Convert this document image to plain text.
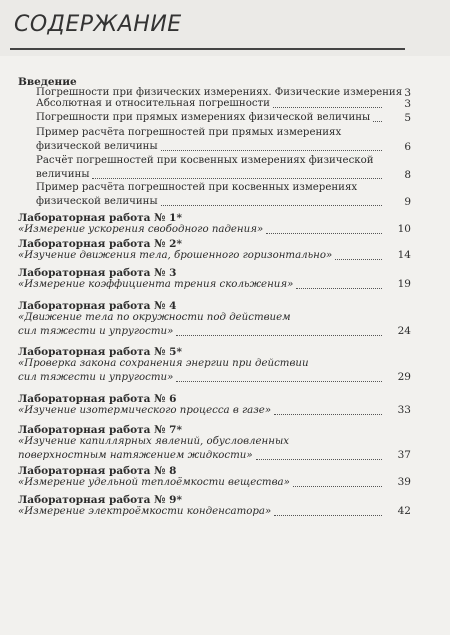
СОДЕРЖАНИЕ
Введение
Погрешности при физических измерениях. Физические измерения 3
Абсолютная и относительная погрешности	3
Погрешности при прямых измерениях физической величины	5
Пример расчёта погрешностей при прямых измерениях
физической величины	6
Расчёт погрешностей при косвенных измерениях физической
величины	8
Пример расчёта погрешностей при косвенных измерениях
физической величины	9
Лабораторная работа № 1*
«Измерение ускорения свободного падения»	10
Лабораторная работа № 2*
«Изучение движения тела, брошенного горизонтально»	14
Лабораторная работа № 3
«Измерение коэффициента трения скольжения»	19
Лабораторная работа № 4
«Движение тела по окружности под действием
сил тяжести и упругости»	24
Лабораторная работа № 5*
«Проверка закона сохранения энергии при действии
сил тяжести и упругости»	29
Лабораторная работа № 6
«Изучение изотермического процесса в газе»	33
Лабораторная работа № 7*
«Изучение капиллярных явлений, обусловленных
поверхностным натяжением жидкости»	37
Лабораторная работа № 8
«Измерение удельной теплоёмкости вещества»	39
Лабораторная работа № 9*
«Измерение электроёмкости конденсатора»	42
